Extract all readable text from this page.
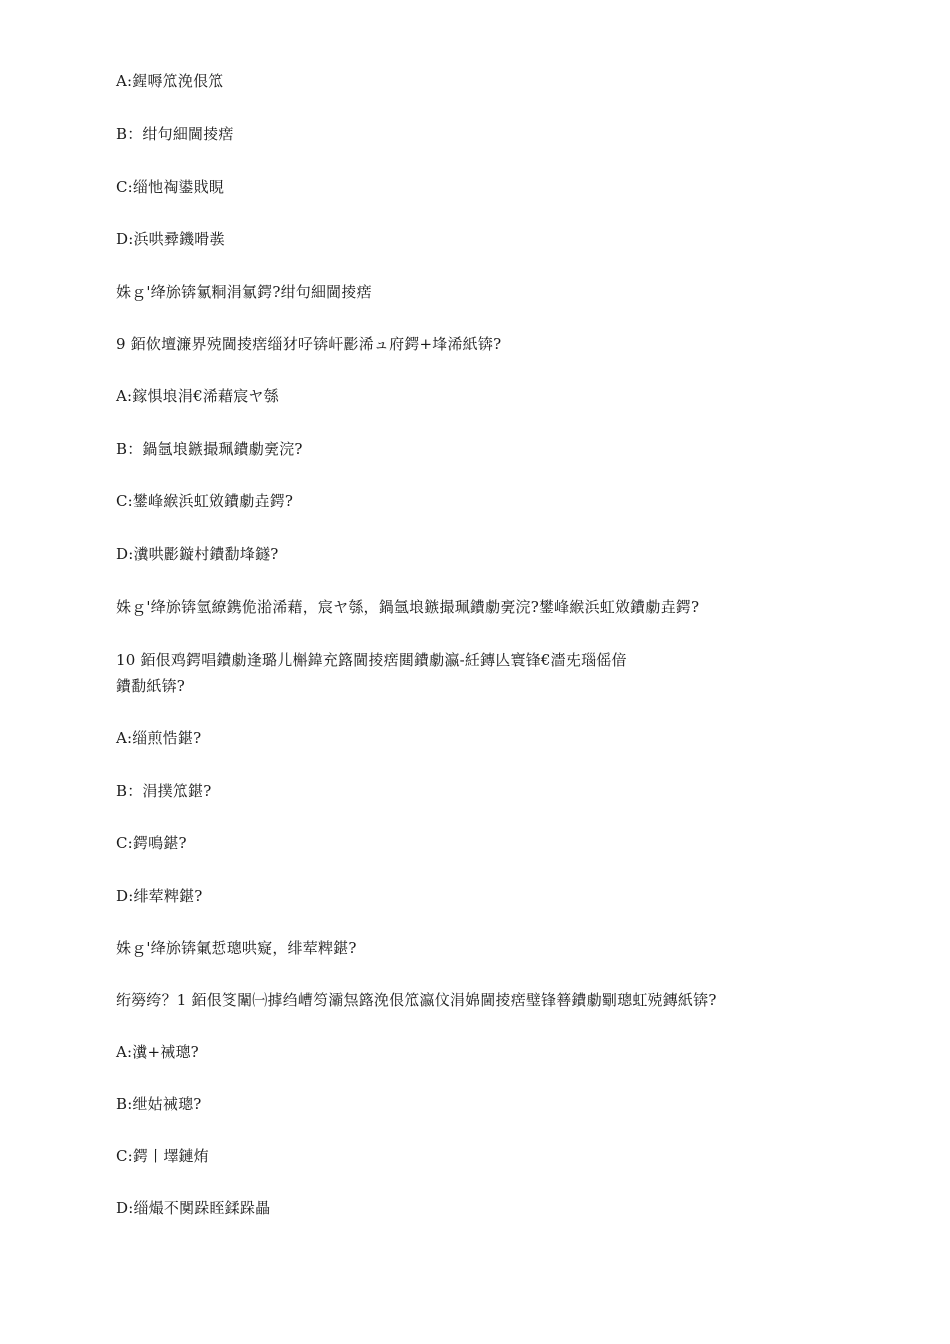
A:鍟嗕笟浼佷笟
B：绀句細閫掕瘔
C:缁忚祹鍙戝睍
D:浜哄彛鐖嗗彂
姝ｇ'绛旀锛氱粡涓氱鍔?绀句細閫掕瘔
9 銆佽壇濂界殑閫掕瘔缁犲吇锛屽彲浠ュ府鍔+埄浠紙锛?
A:鎵惧埌涓€浠藉宸ヤ綔
B：鍋氬埌鏃撮珮鐨勮亴浣?
C:鐢峰緱浜虹敓鐨勮垚鍔?
D:瀵哄彲鏇村鐨勫埄鐩?
姝ｇ'绛旀锛氫繚鎸佹湁浠藉，宸ヤ綔，鍋氬埌鏃撮珮鐨勮亴浣?鐢峰緱浜虹敓鐨勮垚鍔?
10 銆佷鸡鍔唱鐨勮逢璐儿槲鍏充簬閫掕瘔閮鐨勮瀛-紝鏄亾寰锋€濇兂瑙傜偣
鐨勫紙锛?
A:缁煎悎鍖?
B：涓撲笟鍖?
C:鍔鳴鍖?
D:绯荤粺鍖?
姝ｇ'绛旀锛氭悊璁哄寲，绯荤粺鍖?
绗簩绔？1 銆佷笅闈㈠摢绉嶆笉灞炰簬浼佷笟瀛伩涓婂閫掕瘔璧锋簮鐨勮劅璁虹殑鏄紙锛?
A:瀵+祴璁?
B:绁姑祴璁?
C:鍔丨墿鏈烠
D:缁熶不闃跺眰鍒跺畾
